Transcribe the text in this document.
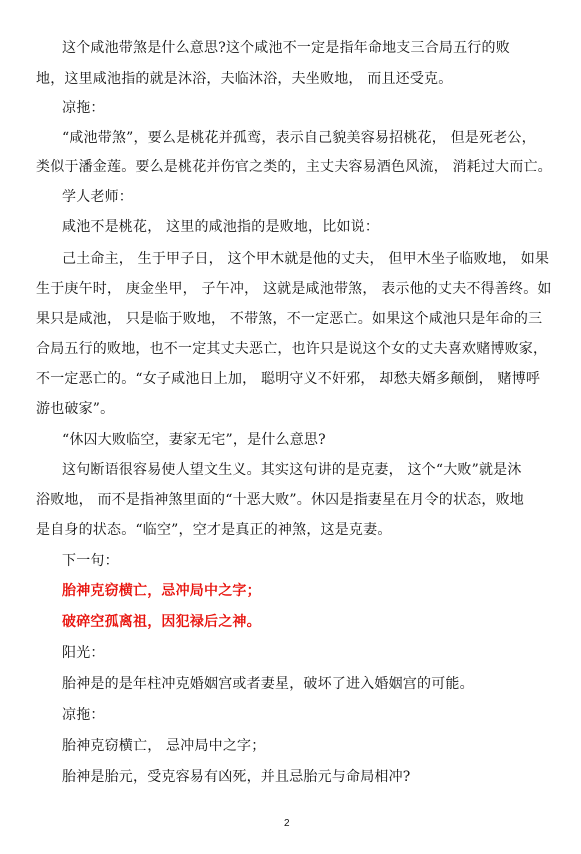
这个咸池带煞是什么意思?这个咸池不一定是指年命地支三合局五行的败
地，这里咸池指的就是沐浴，夫临沐浴，夫坐败地， 而且还受克。
凉拖：
“咸池带煞”，要么是桃花并孤鸾，表示自己貌美容易招桃花， 但是死老公，
类似于潘金莲。要么是桃花并伤官之类的，主丈夫容易酒色风流， 消耗过大而亡。
学人老师：
咸池不是桃花， 这里的咸池指的是败地，比如说：
己土命主， 生于甲子日， 这个甲木就是他的丈夫， 但甲木坐子临败地， 如果
生于庚午时， 庚金坐甲， 子午冲， 这就是咸池带煞， 表示他的丈夫不得善终。如
果只是咸池， 只是临于败地， 不带煞，不一定恶亡。如果这个咸池只是年命的三
合局五行的败地，也不一定其丈夫恶亡，也许只是说这个女的丈夫喜欢赌博败家，
不一定恶亡的。“女子咸池日上加， 聪明守义不奸邪， 却愁夫婿多颠倒， 赌博呼
游也破家”。
“休囚大败临空，妻家无宅”，是什么意思?
这句断语很容易使人望文生义。其实这句讲的是克妻， 这个“大败”就是沐
浴败地， 而不是指神煞里面的“十恶大败”。休囚是指妻星在月令的状态，败地
是自身的状态。“临空”，空才是真正的神煞，这是克妻。
下一句：
胎神克窃横亡，忌冲局中之字；
破碎空孤离祖，因犯禄后之神。
阳光：
胎神是的是年柱冲克婚姻宫或者妻星，破坏了进入婚姻宫的可能。
凉拖：
胎神克窃横亡， 忌冲局中之字；
胎神是胎元，受克容易有凶死，并且忌胎元与命局相冲?
2
